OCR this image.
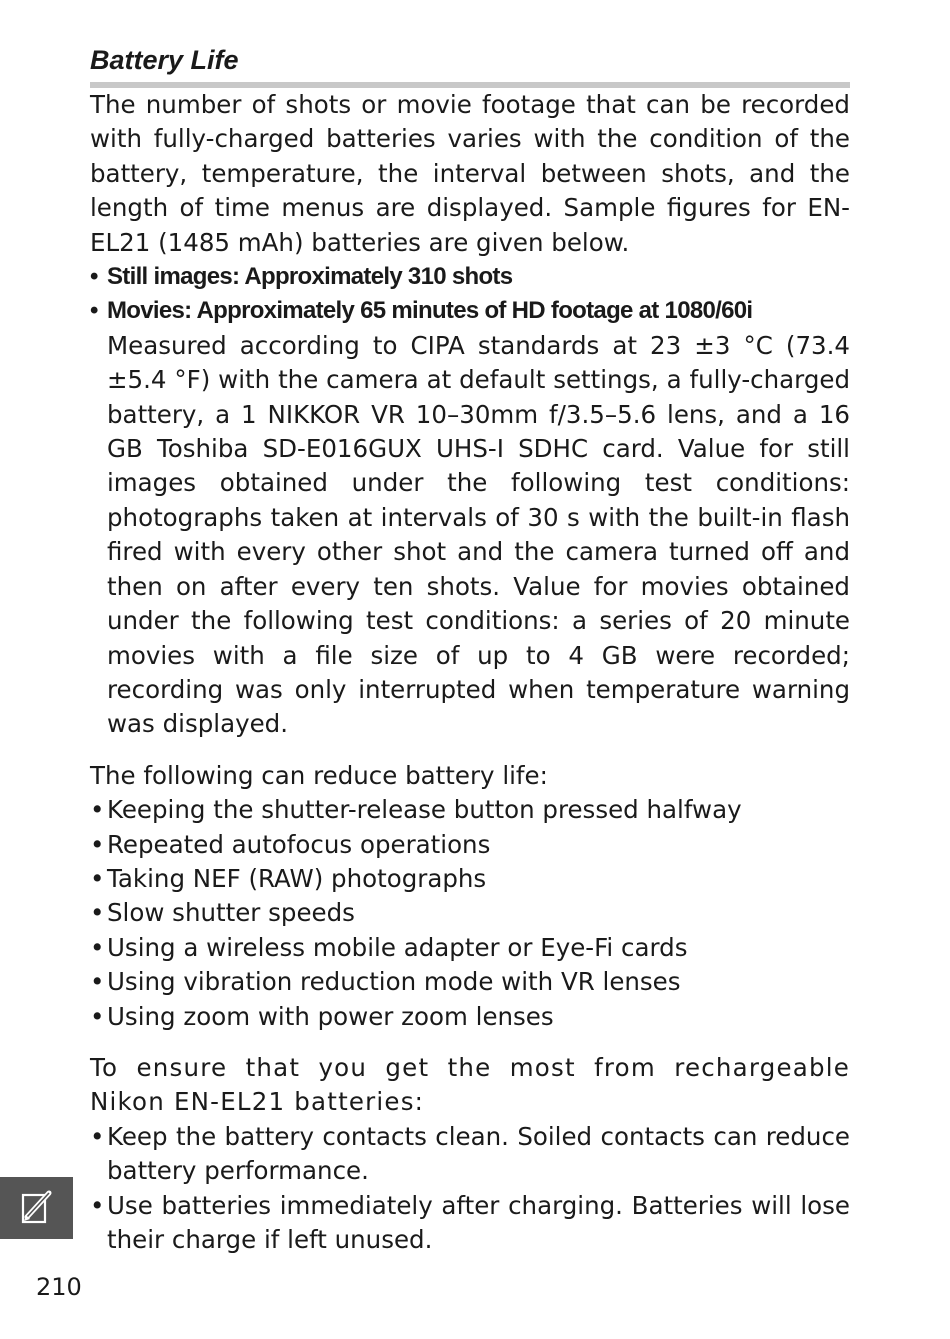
Battery Life

The number of shots or movie footage that can be recorded with fully-charged batteries varies with the condition of the battery, temperature, the interval between shots, and the length of time menus are displayed. Sample figures for EN-EL21 (1485 mAh) batteries are given below.

• Still images: Approximately 310 shots
• Movies: Approximately 65 minutes of HD footage at 1080/60i

Measured according to CIPA standards at 23 ±3 °C (73.4 ±5.4 °F) with the camera at default settings, a fully-charged battery, a 1 NIKKOR VR 10–30mm f/3.5–5.6 lens, and a 16 GB Toshiba SD-E016GUX UHS-I SDHC card. Value for still images obtained under the following test conditions: photographs taken at intervals of 30 s with the built-in flash fired with every other shot and the camera turned off and then on after every ten shots. Value for movies obtained under the following test conditions: a series of 20 minute movies with a file size of up to 4 GB were recorded; recording was only interrupted when temperature warning was displayed.

The following can reduce battery life:

• Keeping the shutter-release button pressed halfway
• Repeated autofocus operations
• Taking NEF (RAW) photographs
• Slow shutter speeds
• Using a wireless mobile adapter or Eye-Fi cards
• Using vibration reduction mode with VR lenses
• Using zoom with power zoom lenses

To ensure that you get the most from rechargeable Nikon EN-EL21 batteries:

• Keep the battery contacts clean. Soiled contacts can reduce battery performance.
• Use batteries immediately after charging. Batteries will lose their charge if left unused.
210
